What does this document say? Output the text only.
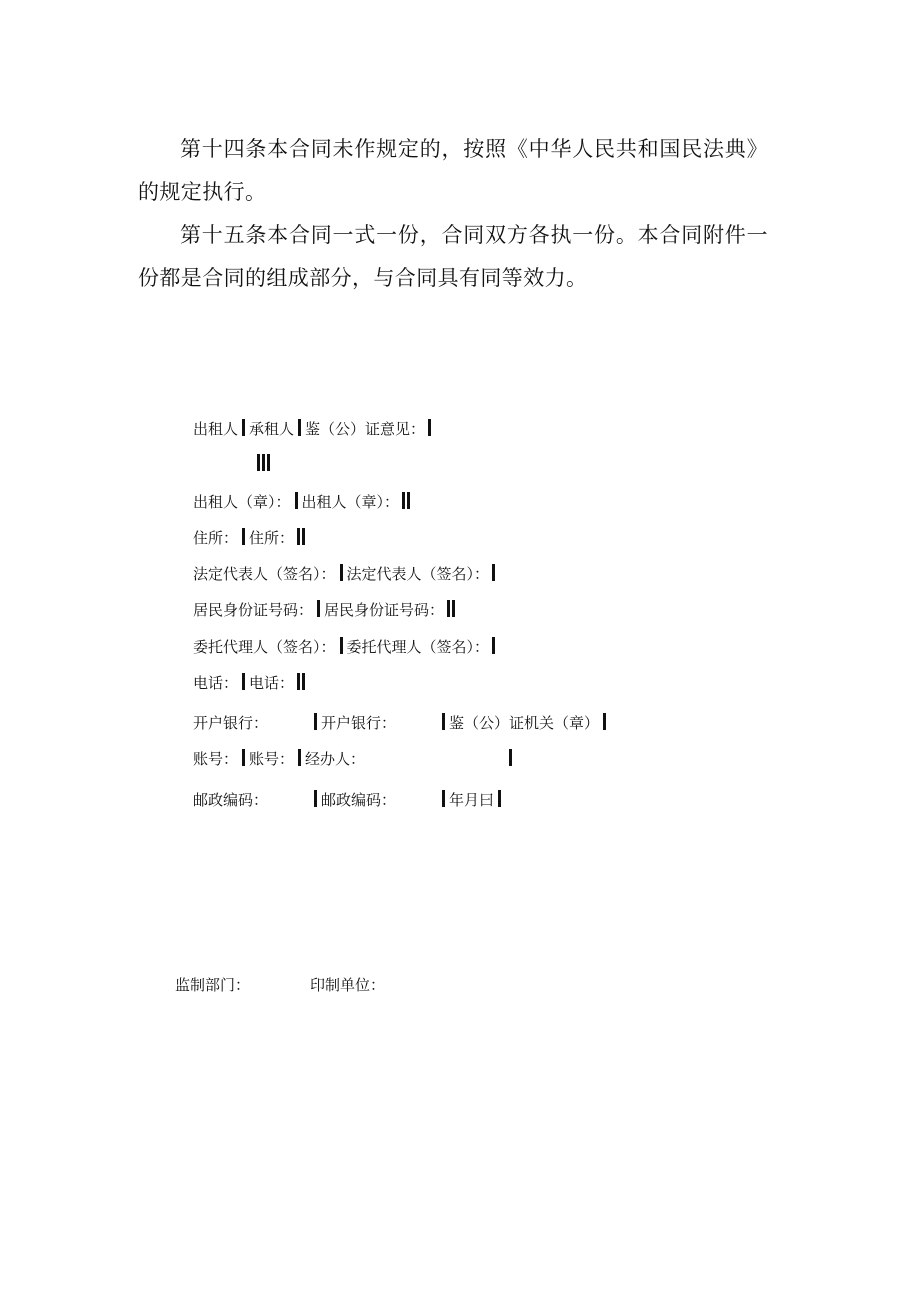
第十四条本合同未作规定的，按照《中华人民共和国民法典》的规定执行。

第十五条本合同一式一份，合同双方各执一份。本合同附件一份都是合同的组成部分，与合同具有同等效力。

出租人 承租人 鉴（公）证意见：
出租人（章）： 出租人（章）：
住所： 住所：
法定代表人（签名）： 法定代表人（签名）：
居民身份证号码： 居民身份证号码：
委托代理人（签名）： 委托代理人（签名）：
电话： 电话：
开户银行：	开户银行：	鉴（公）证机关（章）
账号： 账号： 经办人：
邮政编码：	邮政编码：	年月曰
监制部门：	印制单位：
